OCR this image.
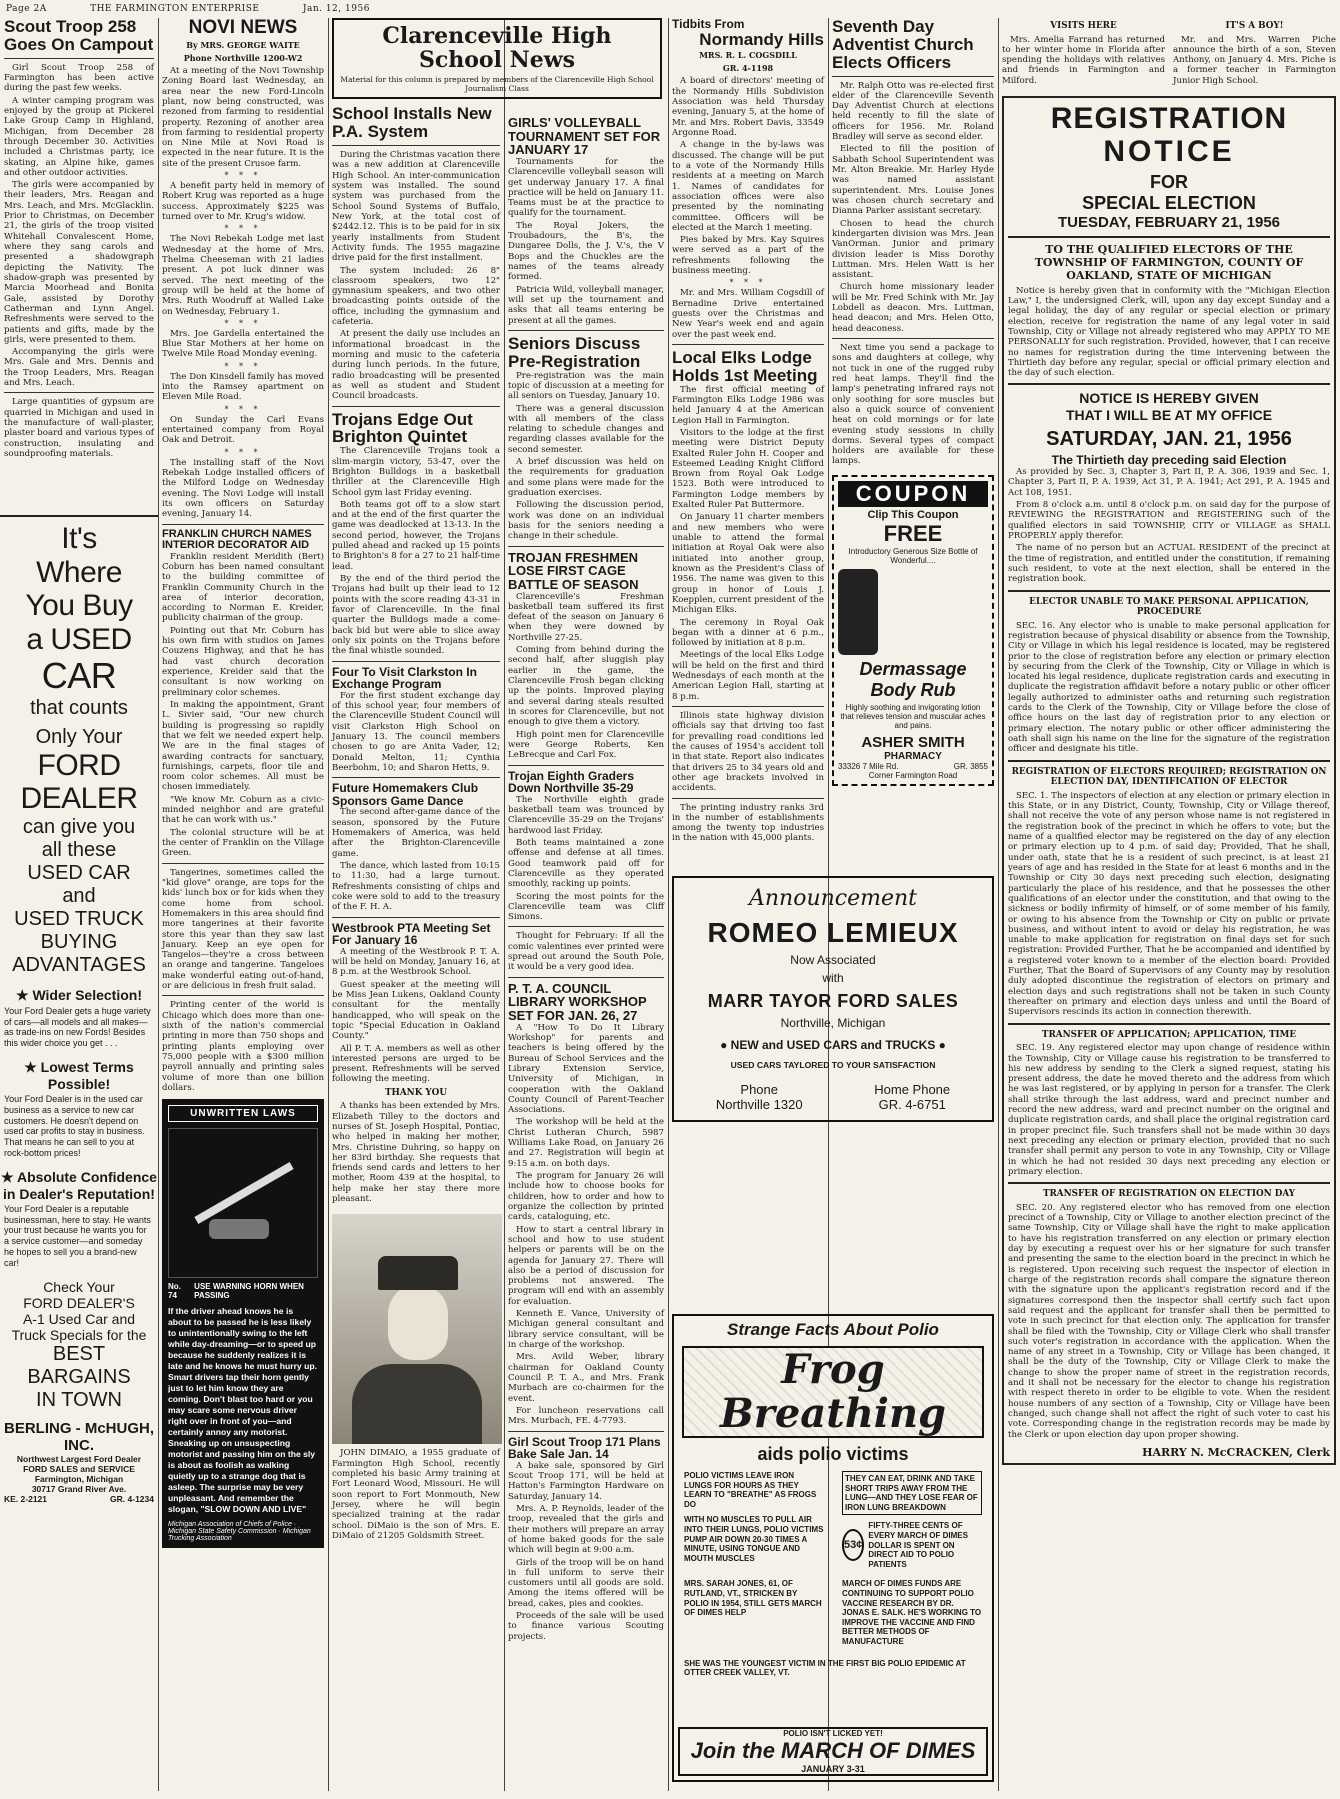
Page 2A	THE FARMINGTON ENTERPRISE	Jan. 12, 1956
Scout Troop 258 Goes On Campout

Girl Scout Troop 258 of Farmington has been active during the past few weeks.

A winter camping program was enjoyed by the group at Pickerel Lake Group Camp in Highland, Michigan, from December 28 through December 30. Activities included a Christmas party, ice skating, an Alpine hike, games and other outdoor activities.

The girls were accompanied by their leaders, Mrs. Reagan and Mrs. Leach, and Mrs. McGlacklin. Prior to Christmas, on December 21, the girls of the troop visited Whitehall Convalescent Home, where they sang carols and presented a shadowgraph depicting the Nativity. The shadow-graph was presented by Marcia Moorhead and Bonita Gale, assisted by Dorothy Catherman and Lynn Angel. Refreshments were served to the patients and gifts, made by the girls, were presented to them.

Accompanying the girls were Mrs. Gale and Mrs. Dennis and the Troop Leaders, Mrs. Reagan and Mrs. Leach.

Large quantities of gypsum are quarried in Michigan and used in the manufacture of wall-plaster, plaster board and various types of construction, insulating and soundproofing materials.

It's
Where
You Buy
a USED
CAR
that counts
Only Your
FORD
DEALER
can give you
all these
USED CAR
and
USED TRUCK
BUYING
ADVANTAGES
★ Wider Selection!
Your Ford Dealer gets a huge variety of cars—all models and all makes—as trade-ins on new Fords! Besides this wider choice you get . . .
★ Lowest Terms Possible!
Your Ford Dealer is in the used car business as a service to new car customers. He doesn't depend on used car profits to stay in business. That means he can sell to you at rock-bottom prices!
★ Absolute Confidence in Dealer's Reputation!
Your Ford Dealer is a reputable businessman, here to stay. He wants your trust because he wants you for a service customer—and someday he hopes to sell you a brand-new car!
Check Your
FORD DEALER'S
A-1 Used Car and
Truck Specials for the
BEST BARGAINS
IN TOWN
BERLING - McHUGH, INC.
Northwest Largest Ford Dealer
FORD SALES and SERVICE
Farmington, Michigan
30717 Grand River Ave.
KE. 2-2121	GR. 4-1234
NOVI NEWS
By MRS. GEORGE WAITE
Phone Northville 1200-W2

At a meeting of the Novi Township Zoning Board last Wednesday, an area near the new Ford-Lincoln plant, now being constructed, was rezoned from farming to residential property. Rezoning of another area from farming to residential property on Nine Mile at Novi Road is expected in the near future. It is the site of the present Crusoe farm.

* * *

A benefit party held in memory of Robert Krug was reported as a huge success. Approximately $225 was turned over to Mr. Krug's widow.

* * *

The Novi Rebekah Lodge met last Wednesday at the home of Mrs. Thelma Cheeseman with 21 ladies present. A pot luck dinner was served. The next meeting of the group will be held at the home of Mrs. Ruth Woodruff at Walled Lake on Wednesday, February 1.

* * *

Mrs. Joe Gardella entertained the Blue Star Mothers at her home on Twelve Mile Road Monday evening.

* * *

The Don Kinsdell family has moved into the Ramsey apartment on Eleven Mile Road.

* * *

On Sunday the Carl Evans entertained company from Royal Oak and Detroit.

* * *

The installing staff of the Novi Rebekah Lodge installed officers of the Milford Lodge on Wednesday evening. The Novi Lodge will install its own officers on Saturday evening, January 14.

FRANKLIN CHURCH NAMES INTERIOR DECORATOR AID

Franklin resident Meridith (Bert) Coburn has been named consultant to the building committee of Franklin Community Church in the area of interior decoration, according to Norman E. Kreider, publicity chairman of the group.

Pointing out that Mr. Coburn has his own firm with studios on James Couzens Highway, and that he has had vast church decoration experience, Kreider said that the consultant is now working on preliminary color schemes.

In making the appointment, Grant L. Sivier said, "Our new church building is progressing so rapidly that we felt we needed expert help. We are in the final stages of awarding contracts for sanctuary, furnishings, carpets, floor tile and room color schemes. All must be chosen immediately.

"We know Mr. Coburn as a civic-minded neighbor and are grateful that he can work with us."

The colonial structure will be at the center of Franklin on the Village Green.

Tangerines, sometimes called the "kid glove" orange, are tops for the kids' lunch box or for kids when they come home from school. Homemakers in this area should find more tangerines at their favorite store this year than they saw last January. Keep an eye open for Tangelos—they're a cross between an orange and tangerine. Tangeloes make wonderful eating out-of-hand, or are delicious in fresh fruit salad.

Printing center of the world is Chicago which does more than one-sixth of the nation's commercial printing in more than 750 shops and printing plants employing over 75,000 people with a $300 million payroll annually and printing sales volume of more than one billion dollars.

UNWRITTEN LAWS
No. 74
USE WARNING HORN WHEN PASSING
If the driver ahead knows he is about to be passed he is less likely to unintentionally swing to the left while day-dreaming—or to speed up because he suddenly realizes it is late and he knows he must hurry up. Smart drivers tap their horn gently just to let him know they are coming. Don't blast too hard or you may scare some nervous driver right over in front of you—and certainly annoy any motorist. Sneaking up on unsuspecting motorist and passing him on the sly is about as foolish as walking quietly up to a strange dog that is asleep. The surprise may be very unpleasant. And remember the slogan, "SLOW DOWN AND LIVE"
Michigan Association of Chiefs of Police · Michigan State Safety Commission · Michigan Trucking Association
Clarenceville High School News
Material for this column is prepared by members of the Clarenceville High School Journalism Class
School Installs New P.A. System

During the Christmas vacation there was a new addition at Clarenceville High School. An inter-communication system was installed. The sound system was purchased from the School Sound Systems of Buffalo, New York, at the total cost of $2442.12. This is to be paid for in six yearly installments from Student Activity funds. The 1955 magazine drive paid for the first installment.

The system included: 26 8" classroom speakers, two 12" gymnasium speakers, and two other broadcasting points outside of the office, including the gymnasium and cafeteria.

At present the daily use includes an informational broadcast in the morning and music to the cafeteria during lunch periods. In the future, radio broadcasting will be presented as well as student and Student Council broadcasts.

Trojans Edge Out Brighton Quintet

The Clarenceville Trojans took a slim-margin victory, 53-47, over the Brighton Bulldogs in a basketball thriller at the Clarenceville High School gym last Friday evening.

Both teams got off to a slow start and at the end of the first quarter the game was deadlocked at 13-13. In the second period, however, the Trojans pulled ahead and racked up 15 points to Brighton's 8 for a 27 to 21 half-time lead.

By the end of the third period the Trojans had built up their lead to 12 points with the score reading 43-31 in favor of Clarenceville. In the final quarter the Bulldogs made a come-back bid but were able to slice away only six points on the Trojans before the final whistle sounded.

Four To Visit Clarkston In Exchange Program

For the first student exchange day of this school year, four members of the Clarenceville Student Council will visit Clarkston High School on January 13. The council members chosen to go are Anita Vader, 12; Donald Melton, 11; Cynthia Beerbohm, 10; and Sharon Hetts, 9.

Future Homemakers Club Sponsors Game Dance

The second after-game dance of the season, sponsored by the Future Homemakers of America, was held after the Brighton-Clarenceville game.

The dance, which lasted from 10:15 to 11:30, had a large turnout. Refreshments consisting of chips and coke were sold to add to the treasury of the F. H. A.

Westbrook PTA Meeting Set For January 16

A meeting of the Westbrook P. T. A. will be held on Monday, January 16, at 8 p.m. at the Westbrook School.

Guest speaker at the meeting will be Miss Jean Lukens, Oakland County consultant for the mentally handicapped, who will speak on the topic "Special Education in Oakland County."

All P. T. A. members as well as other interested persons are urged to be present. Refreshments will be served following the meeting.

THANK YOU

A thanks has been extended by Mrs. Elizabeth Tilley to the doctors and nurses of St. Joseph Hospital, Pontiac, who helped in making her mother, Mrs. Christine Duhring, so happy on her 83rd birthday. She requests that friends send cards and letters to her mother, Room 439 at the hospital, to help make her stay there more pleasant.

JOHN DIMAIO, a 1955 graduate of Farmington High School, recently completed his basic Army training at Fort Leonard Wood, Missouri. He will soon report to Fort Monmouth, New Jersey, where he will begin specialized training at the radar school. DiMaio is the son of Mrs. E. DiMaio of 21205 Goldsmith Street.

GIRLS' VOLLEYBALL TOURNAMENT SET FOR JANUARY 17

Tournaments for the Clarenceville volleyball season will get underway January 17. A final practice will be held on January 11. Teams must be at the practice to qualify for the tournament.

The Royal Jokers, the Troubadours, the B's, the Dungaree Dolls, the J. V.'s, the V Bops and the Chuckles are the names of the teams already formed.

Patricia Wild, volleyball manager, will set up the tournament and asks that all teams entering be present at all the games.

Seniors Discuss Pre-Registration

Pre-registration was the main topic of discussion at a meeting for all seniors on Tuesday, January 10.

There was a general discussion with all members of the class relating to schedule changes and regarding classes available for the second semester.

A brief discussion was held on the requirements for graduation and some plans were made for the graduation exercises.

Following the discussion period, work was done on an individual basis for the seniors needing a change in their schedule.

TROJAN FRESHMEN LOSE FIRST CAGE BATTLE OF SEASON

Clarenceville's Freshman basketball team suffered its first defeat of the season on January 6 when they were downed by Northville 27-25.

Coming from behind during the second half, after sluggish play earlier in the game, the Clarenceville Frosh began clicking up the points. Improved playing and several daring steals resulted in scores for Clarenceville, but not enough to give them a victory.

High point men for Clarenceville were George Roberts, Ken LeBrecque and Carl Fox.

Trojan Eighth Graders Down Northville 35-29

The Northville eighth grade basketball team was trounced by Clarenceville 35-29 on the Trojans' hardwood last Friday.

Both teams maintained a zone offense and defense at all times. Good teamwork paid off for Clarenceville as they operated smoothly, racking up points.

Scoring the most points for the Clarenceville team was Cliff Simons.

Thought for February: If all the comic valentines ever printed were spread out around the South Pole, it would be a very good idea.

P. T. A. COUNCIL LIBRARY WORKSHOP SET FOR JAN. 26, 27

A "How To Do It Library Workshop" for parents and teachers is being offered by the Bureau of School Services and the Library Extension Service, University of Michigan, in cooperation with the Oakland County Council of Parent-Teacher Associations.

The workshop will be held at the Christ Lutheran Church, 5987 Williams Lake Road, on January 26 and 27. Registration will begin at 9:15 a.m. on both days.

The program for January 26 will include how to choose books for children, how to order and how to organize the collection by printed cards, cataloguing, etc.

How to start a central library in school and how to use student helpers or parents will be on the agenda for January 27. There will also be a period of discussion for problems not answered. The program will end with an assembly for evaluation.

Kenneth E. Vance, University of Michigan general consultant and library service consultant, will be in charge of the workshop.

Mrs. Avild Weber, library chairman for Oakland County Council P. T. A., and Mrs. Frank Murbach are co-chairmen for the event.

For luncheon reservations call Mrs. Murbach, FE. 4-7793.

Girl Scout Troop 171 Plans Bake Sale Jan. 14

A bake sale, sponsored by Girl Scout Troop 171, will be held at Hatton's Farmington Hardware on Saturday, January 14.

Mrs. A. P. Reynolds, leader of the troop, revealed that the girls and their mothers will prepare an array of home baked goods for the sale which will begin at 9:00 a.m.

Girls of the troop will be on hand in full uniform to serve their customers until all goods are sold. Among the items offered will be bread, cakes, pies and cookies.

Proceeds of the sale will be used to finance various Scouting projects.

Tidbits From
Normandy Hills
MRS. R. L. COGSDILL
GR. 4-1198

A board of directors' meeting of the Normandy Hills Subdivision Association was held Thursday evening, January 5, at the home of Mr. and Mrs. Robert Davis, 33549 Argonne Road.

A change in the by-laws was discussed. The change will be put to a vote of the Normandy Hills residents at a meeting on March 1. Names of candidates for association offices were also presented by the nominating committee. Officers will be elected at the March 1 meeting.

Pies baked by Mrs. Kay Squires were served as a part of the refreshments following the business meeting.

* * *

Mr. and Mrs. William Cogsdill of Bernadine Drive entertained guests over the Christmas and New Year's week end and again over the past week end.

Local Elks Lodge Holds 1st Meeting

The first official meeting of Farmington Elks Lodge 1986 was held January 4 at the American Legion Hall in Farmington.

Visitors to the lodge at the first meeting were District Deputy Exalted Ruler John H. Cooper and Esteemed Leading Knight Clifford Brown from Royal Oak Lodge 1523. Both were introduced to Farmington Lodge members by Exalted Ruler Pat Buttermore.

On January 11 charter members and new members who were unable to attend the formal initiation at Royal Oak were also initiated into another group, known as the President's Class of 1956. The name was given to this group in honor of Louis J. Koepplen, current president of the Michigan Elks.

The ceremony in Royal Oak began with a dinner at 6 p.m., followed by initiation at 8 p.m.

Meetings of the local Elks Lodge will be held on the first and third Wednesdays of each month at the American Legion Hall, starting at 8 p.m.

Illinois state highway division officials say that driving too fast for prevailing road conditions led the causes of 1954's accident toll in that state. Report also indicates that drivers 25 to 34 years old and other age brackets involved in accidents.

The printing industry ranks 3rd in the number of establishments among the twenty top industries in the nation with 45,000 plants.

Seventh Day Adventist Church Elects Officers

Mr. Ralph Otto was re-elected first elder of the Clarenceville Seventh Day Adventist Church at elections held recently to fill the slate of officers for 1956. Mr. Roland Bradley will serve as second elder.

Elected to fill the position of Sabbath School Superintendent was Mr. Alton Breakie. Mr. Harley Hyde was named assistant superintendent. Mrs. Louise Jones was chosen church secretary and Dianna Parker assistant secretary.

Chosen to head the church kindergarten division was Mrs. Jean VanOrman. Junior and primary division leader is Miss Dorothy Luttman. Mrs. Helen Watt is her assistant.

Church home missionary leader will be Mr. Fred Schink with Mr. Jay Lobdell as deacon. Mrs. Luttman, head deacon; and Mrs. Helen Otto, head deaconess.

Next time you send a package to sons and daughters at college, why not tuck in one of the rugged ruby red heat lamps. They'll find the lamp's penetrating infrared rays not only soothing for sore muscles but also a quick source of convenient heat on cold mornings or for late evening study sessions in chilly dorms. Several types of compact holders are available for these lamps.

COUPON
Clip This Coupon
FREE
Introductory Generous Size Bottle of Wonderful....
Dermassage
Body Rub
Highly soothing and invigorating lotion that relieves tension and muscular aches and pains.
ASHER SMITH
PHARMACY
33326 7 Mile Rd.	GR. 3855
Corner Farmington Road
Announcement
ROMEO LEMIEUX
Now Associated
with
MARR TAYOR FORD SALES
Northville, Michigan
● NEW and USED CARS and TRUCKS ●
USED CARS TAYLORED TO YOUR SATISFACTION
Phone
Northville 1320
Home Phone
GR. 4-6751
Strange Facts About Polio
Frog Breathing
aids polio victims
POLIO VICTIMS LEAVE IRON LUNGS FOR HOURS AS THEY LEARN TO "BREATHE" AS FROGS DO
WITH NO MUSCLES TO PULL AIR INTO THEIR LUNGS, POLIO VICTIMS PUMP AIR DOWN 20-30 TIMES A MINUTE, USING TONGUE AND MOUTH MUSCLES
THEY CAN EAT, DRINK AND TAKE SHORT TRIPS AWAY FROM THE LUNG—AND THEY LOSE FEAR OF IRON LUNG BREAKDOWN
53¢
FIFTY-THREE CENTS OF EVERY MARCH OF DIMES DOLLAR IS SPENT ON DIRECT AID TO POLIO PATIENTS
MRS. SARAH JONES, 61, OF RUTLAND, VT., STRICKEN BY POLIO IN 1954, STILL GETS MARCH OF DIMES HELP
MARCH OF DIMES FUNDS ARE CONTINUING TO SUPPORT POLIO VACCINE RESEARCH BY DR. JONAS E. SALK. HE'S WORKING TO IMPROVE THE VACCINE AND FIND BETTER METHODS OF MANUFACTURE
SHE WAS THE YOUNGEST VICTIM IN THE FIRST BIG POLIO EPIDEMIC AT OTTER CREEK VALLEY, VT.
POLIO ISN'T LICKED YET!
Join the MARCH OF DIMES
JANUARY 3-31
VISITS HERE

Mrs. Amelia Farrand has returned to her winter home in Florida after spending the holidays with relatives and friends in Farmington and Milford.

IT'S A BOY!

Mr. and Mrs. Warren Piche announce the birth of a son, Steven Anthony, on January 4. Mrs. Piche is a former teacher in Farmington Junior High School.

REGISTRATION
NOTICE
FOR
SPECIAL ELECTION
TUESDAY, FEBRUARY 21, 1956
TO THE QUALIFIED ELECTORS OF THE TOWNSHIP OF FARMINGTON, COUNTY OF OAKLAND, STATE OF MICHIGAN

Notice is hereby given that in conformity with the "Michigan Election Law," I, the undersigned Clerk, will, upon any day except Sunday and a legal holiday, the day of any regular or special election or primary election, receive for registration the name of any legal voter in said Township, City or Village not already registered who may APPLY TO ME PERSONALLY for such registration. Provided, however, that I can receive no names for registration during the time intervening between the Thirtieth day before any regular, special or official primary election and the day of such election.

NOTICE IS HEREBY GIVEN
THAT I WILL BE AT MY OFFICE
SATURDAY, JAN. 21, 1956
The Thirtieth day preceding said Election

As provided by Sec. 3, Chapter 3, Part II, P. A. 306, 1939 and Sec. 1, Chapter 3, Part II, P. A. 1939, Act 31, P. A. 1941; Act 291, P. A. 1945 and Act 108, 1951.

From 8 o'clock a.m. until 8 o'clock p.m. on said day for the purpose of REVIEWING the REGISTRATION and REGISTERING such of the qualified electors in said TOWNSHIP, CITY or VILLAGE as SHALL PROPERLY apply therefor.

The name of no person but an ACTUAL RESIDENT of the precinct at the time of registration, and entitled under the constitution, if remaining such resident, to vote at the next election, shall be entered in the registration book.

ELECTOR UNABLE TO MAKE PERSONAL APPLICATION, PROCEDURE

SEC. 16. Any elector who is unable to make personal application for registration because of physical disability or absence from the Township, City or Village in which his legal residence is located, may be registered prior to the close of registration before any election or primary election by securing from the Clerk of the Township, City or Village in which is located his legal residence, duplicate registration cards and executing in duplicate the registration affidavit before a notary public or other officer legally authorized to administer oaths and returning such registration cards to the Clerk of the Township, City or Village before the close of office hours on the last day of registration prior to any election or primary election. The notary public or other officer administering the oath shall sign his name on the line for the signature of the registration officer and designate his title.

REGISTRATION OF ELECTORS REQUIRED; REGISTRATION ON ELECTION DAY, IDENTIFICATION OF ELECTOR

SEC. 1. The inspectors of election at any election or primary election in this State, or in any District, County, Township, City or Village thereof, shall not receive the vote of any person whose name is not registered in the registration book of the precinct in which he offers to vote; but the name of a qualified elector may be registered on the day of any election or primary election up to 4 p.m. of said day; Provided, That he shall, under oath, state that he is a resident of such precinct, is at least 21 years of age and has resided in the State for at least 6 months and in the Township or City 30 days next preceding such election, designating particularly the place of his residence, and that he possesses the other qualifications of an elector under the constitution, and that owing to the sickness or bodily infirmity of himself, or of some member of his family, or owing to his absence from the Township or City on public or private business, and without intent to avoid or delay his registration, he was unable to make application for registration on final days set for such registration: Provided Further, That he be accompanied and identified by a registered voter known to a member of the election board: Provided Further, That the Board of Supervisors of any County may by resolution duly adopted discontinue the registration of electors on primary and election days and such registrations shall not be taken in such County thereafter on primary and election days unless and until the Board of Supervisors rescinds its action in connection therewith.

TRANSFER OF APPLICATION; APPLICATION, TIME

SEC. 19. Any registered elector may upon change of residence within the Township, City or Village cause his registration to be transferred to his new address by sending to the Clerk a signed request, stating his present address, the date he moved thereto and the address from which he was last registered, or by applying in person for a transfer. The Clerk shall strike through the last address, ward and precinct number and record the new address, ward and precinct number on the original and duplicate registration cards, and shall place the original registration card in proper precinct file. Such transfers shall not be made within 30 days next preceding any election or primary election, provided that no such transfer shall permit any person to vote in any Township, City or Village in which he had not resided 30 days next preceding any election or primary election.

TRANSFER OF REGISTRATION ON ELECTION DAY

SEC. 20. Any registered elector who has removed from one election precinct of a Township, City or Village to another election precinct of the same Township, City or Village shall have the right to make application to have his registration transferred on any election or primary election day by executing a request over his or her signature for such transfer and presenting the same to the election board in the precinct in which he is registered. Upon receiving such request the inspector of election in charge of the registration records shall compare the signature thereon with the signature upon the applicant's registration record and if the signatures correspond then the inspector shall certify such fact upon said request and the applicant for transfer shall then be permitted to vote in such precinct for that election only. The application for transfer shall be filed with the Township, City or Village Clerk who shall transfer such voter's registration in accordance with the application. When the name of any street in a Township, City or Village has been changed, it shall be the duty of the Township, City or Village Clerk to make the change to show the proper name of street in the registration records, and it shall not be necessary for the elector to change his registration with respect thereto in order to be eligible to vote. When the resident house numbers of any section of a Township, City or Village have been changed, such change shall not affect the right of such voter to cast his vote. Corresponding change in the registration records may be made by the Clerk or upon election day upon proper showing.

HARRY N. McCRACKEN, Clerk
